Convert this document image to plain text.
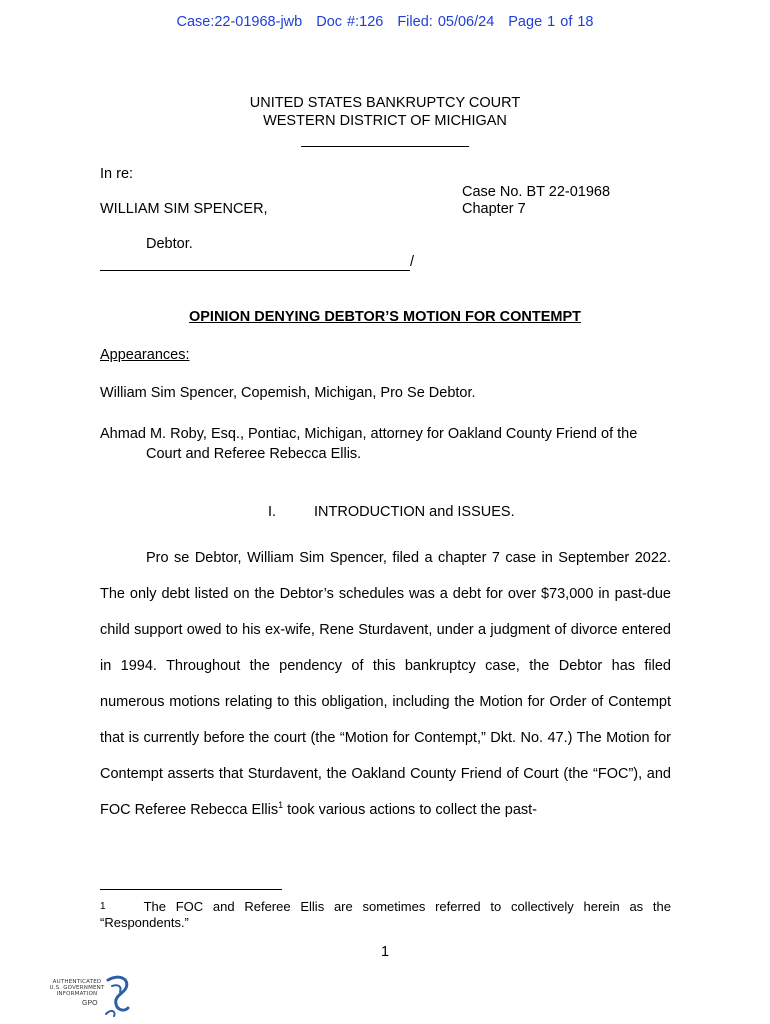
Case:22-01968-jwb Doc #:126 Filed: 05/06/24 Page 1 of 18
UNITED STATES BANKRUPTCY COURT
WESTERN DISTRICT OF MICHIGAN
In re:
WILLIAM SIM SPENCER,
Debtor.
/
Case No. BT 22-01968
Chapter 7
OPINION DENYING DEBTOR’S MOTION FOR CONTEMPT
Appearances:
William Sim Spencer, Copemish, Michigan, Pro Se Debtor.
Ahmad M. Roby, Esq., Pontiac, Michigan, attorney for Oakland County Friend of the
Court and Referee Rebecca Ellis.
I.	INTRODUCTION and ISSUES.

Pro se Debtor, William Sim Spencer, filed a chapter 7 case in September 2022. The only debt listed on the Debtor’s schedules was a debt for over $73,000 in past-due child support owed to his ex-wife, Rene Sturdavent, under a judgment of divorce entered in 1994. Throughout the pendency of this bankruptcy case, the Debtor has filed numerous motions relating to this obligation, including the Motion for Order of Contempt that is currently before the court (the “Motion for Contempt,” Dkt. No. 47.) The Motion for Contempt asserts that Sturdavent, the Oakland County Friend of Court (the “FOC”), and FOC Referee Rebecca Ellis$^1$ took various actions to collect the past-

$^1$	The FOC and Referee Ellis are sometimes referred to collectively herein as the “Respondents.”
1
AUTHENTICATED U.S. GOVERNMENT INFORMATION
GPO
